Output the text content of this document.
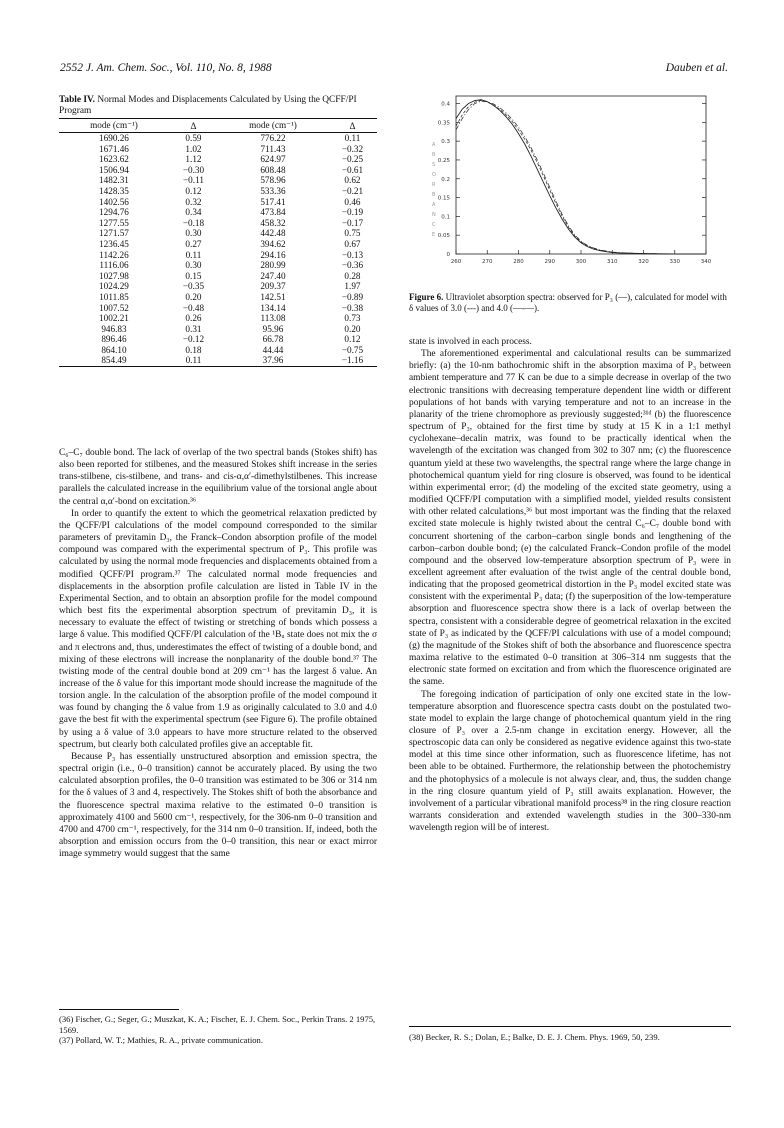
2552 J. Am. Chem. Soc., Vol. 110, No. 8, 1988	Dauben et al.
Table IV. Normal Modes and Displacements Calculated by Using the QCFF/PI Program
mode (cm⁻¹)	Δ	mode (cm⁻¹)	Δ
1690.26	0.59	776.22	0.11
1671.46	1.02	711.43	−0.32
1623.62	1.12	624.97	−0.25
1506.94	−0.30	608.48	−0.61
1482.31	−0.11	578.96	0.62
1428.35	0.12	533.36	−0.21
1402.56	0.32	517.41	0.46
1294.76	0.34	473.84	−0.19
1277.55	−0.18	458.32	−0.17
1271.57	0.30	442.48	0.75
1236.45	0.27	394.62	0.67
1142.26	0.11	294.16	−0.13
1116.06	0.30	280.99	−0.36
1027.98	0.15	247.40	0.28
1024.29	−0.35	209.37	1.97
1011.85	0.20	142.51	−0.89
1007.52	−0.48	134.14	−0.38
1002.21	0.26	113.08	0.73
946.83	0.31	95.96	0.20
896.46	−0.12	66.78	0.12
864.10	0.18	44.44	−0.75
854.49	0.11	37.96	−1.16

C₆–C₇ double bond. The lack of overlap of the two spectral bands (Stokes shift) has also been reported for stilbenes, and the measured Stokes shift increase in the series trans-stilbene, cis-stilbene, and trans- and cis-α,α′-dimethylstilbenes. This increase parallels the calculated increase in the equilibrium value of the torsional angle about the central α,α′-bond on excitation.³⁶

In order to quantify the extent to which the geometrical relaxation predicted by the QCFF/PI calculations of the model compound corresponded to the similar parameters of previtamin D₃, the Franck–Condon absorption profile of the model compound was compared with the experimental spectrum of P₃. This profile was calculated by using the normal mode frequencies and displacements obtained from a modified QCFF/PI program.³⁷ The calculated normal mode frequencies and displacements in the absorption profile calculation are listed in Table IV in the Experimental Section, and to obtain an absorption profile for the model compound which best fits the experimental absorption spectrum of previtamin D₃, it is necessary to evaluate the effect of twisting or stretching of bonds which possess a large δ value. This modified QCFF/PI calculation of the ¹Bᵤ state does not mix the σ and π electrons and, thus, underestimates the effect of twisting of a double bond, and mixing of these electrons will increase the nonplanarity of the double bond.³⁷ The twisting mode of the central double bond at 209 cm⁻¹ has the largest δ value. An increase of the δ value for this important mode should increase the magnitude of the torsion angle. In the calculation of the absorption profile of the model compound it was found by changing the δ value from 1.9 as originally calculated to 3.0 and 4.0 gave the best fit with the experimental spectrum (see Figure 6). The profile obtained by using a δ value of 3.0 appears to have more structure related to the observed spectrum, but clearly both calculated profiles give an acceptable fit.

Because P₃ has essentially unstructured absorption and emission spectra, the spectral origin (i.e., 0–0 transition) cannot be accurately placed. By using the two calculated absorption profiles, the 0–0 transition was estimated to be 306 or 314 nm for the δ values of 3 and 4, respectively. The Stokes shift of both the absorbance and the fluorescence spectral maxima relative to the estimated 0–0 transition is approximately 4100 and 5600 cm⁻¹, respectively, for the 306-nm 0–0 transition and 4700 and 4700 cm⁻¹, respectively, for the 314 nm 0–0 transition. If, indeed, both the absorption and emission occurs from the 0–0 transition, this near or exact mirror image symmetry would suggest that the same

(36) Fischer, G.; Seger, G.; Muszkat, K. A.; Fischer, E. J. Chem. Soc., Perkin Trans. 2 1975, 1569.
(37) Pollard, W. T.; Mathies, R. A., private communication.
A
B
S
O
R
B
A
N
C
E
0.4
0.35
0.3
0.25
0.2
0.15
0.1
0.05
0
260	270	280	290	300	310	320	330	340
Figure 6. Ultraviolet absorption spectra: observed for P₃ (—), calculated for model with δ values of 3.0 (‑‑‑) and 4.0 (—‑—).

state is involved in each process.

The aforementioned experimental and calculational results can be summarized briefly: (a) the 10-nm bathochromic shift in the absorption maxima of P₃ between ambient temperature and 77 K can be due to a simple decrease in overlap of the two electronic transitions with decreasing temperature dependent line width or different populations of hot bands with varying temperature and not to an increase in the planarity of the triene chromophore as previously suggested;³¹ᵈ (b) the fluorescence spectrum of P₃, obtained for the first time by study at 15 K in a 1:1 methyl cyclohexane–decalin matrix, was found to be practically identical when the wavelength of the excitation was changed from 302 to 307 nm; (c) the fluorescence quantum yield at these two wavelengths, the spectral range where the large change in photochemical quantum yield for ring closure is observed, was found to be identical within experimental error; (d) the modeling of the excited state geometry, using a modified QCFF/PI computation with a simplified model, yielded results consistent with other related calculations,³⁶ but most important was the finding that the relaxed excited state molecule is highly twisted about the central C₆–C₇ double bond with concurrent shortening of the carbon–carbon single bonds and lengthening of the carbon–carbon double bond; (e) the calculated Franck–Condon profile of the model compound and the observed low-temperature absorption spectrum of P₃ were in excellent agreement after evaluation of the twist angle of the central double bond, indicating that the proposed geometrical distortion in the P₃ model excited state was consistent with the experimental P₃ data; (f) the superposition of the low-temperature absorption and fluorescence spectra show there is a lack of overlap between the spectra, consistent with a considerable degree of geometrical relaxation in the excited state of P₃ as indicated by the QCFF/PI calculations with use of a model compound; (g) the magnitude of the Stokes shift of both the absorbance and fluorescence spectra maxima relative to the estimated 0–0 transition at 306–314 nm suggests that the electronic state formed on excitation and from which the fluorescence originated are the same.

The foregoing indication of participation of only one excited state in the low-temperature absorption and fluorescence spectra casts doubt on the postulated two-state model to explain the large change of photochemical quantum yield in the ring closure of P₃ over a 2.5-nm change in excitation energy. However, all the spectroscopic data can only be considered as negative evidence against this two-state model at this time since other information, such as fluorescence lifetime, has not been able to be obtained. Furthermore, the relationship between the photochemistry and the photophysics of a molecule is not always clear, and, thus, the sudden change in the ring closure quantum yield of P₃ still awaits explanation. However, the involvement of a particular vibrational manifold process³⁸ in the ring closure reaction warrants consideration and extended wavelength studies in the 300–330-nm wavelength region will be of interest.

(38) Becker, R. S.; Dolan, E.; Balke, D. E. J. Chem. Phys. 1969, 50, 239.
